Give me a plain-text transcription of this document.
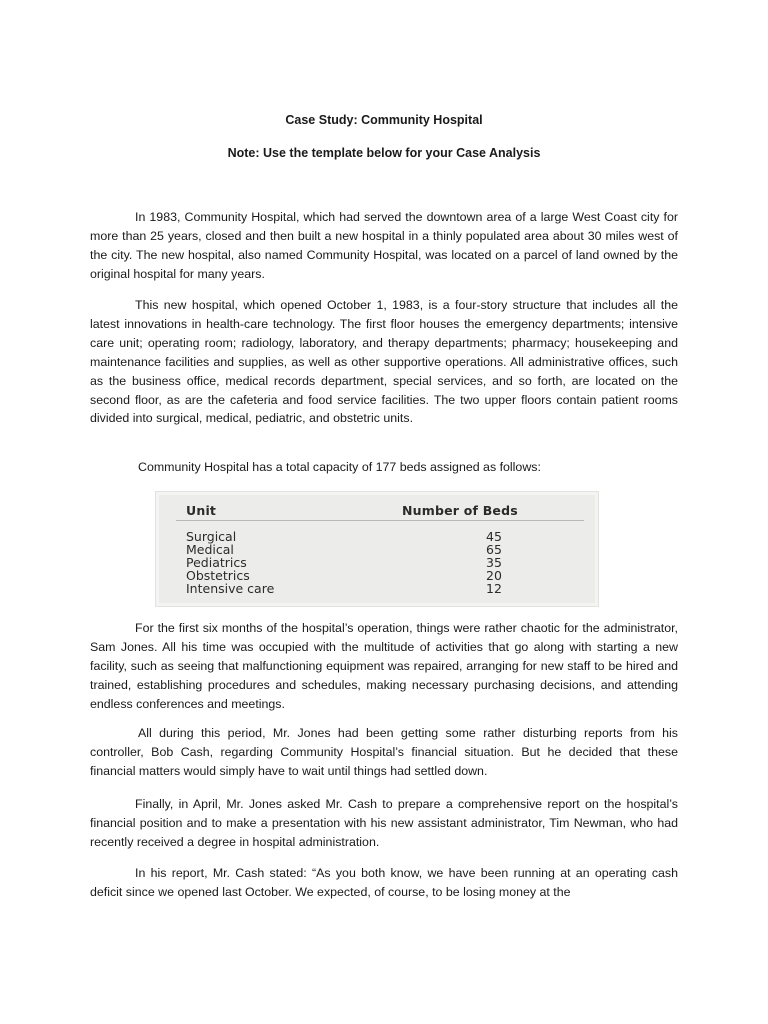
Case Study: Community Hospital
Note: Use the template below for your Case Analysis

In 1983, Community Hospital, which had served the downtown area of a large West Coast city for more than 25 years, closed and then built a new hospital in a thinly populated area about 30 miles west of the city. The new hospital, also named Community Hospital, was located on a parcel of land owned by the original hospital for many years.

This new hospital, which opened October 1, 1983, is a four-story structure that includes all the latest innovations in health-care technology. The first floor houses the emergency departments; intensive care unit; operating room; radiology, laboratory, and therapy departments; pharmacy; housekeeping and maintenance facilities and supplies, as well as other supportive operations. All administrative offices, such as the business office, medical records department, special services, and so forth, are located on the second floor, as are the cafeteria and food service facilities. The two upper floors contain patient rooms divided into surgical, medical, pediatric, and obstetric units.

Community Hospital has a total capacity of 177 beds assigned as follows:

Unit	Number of Beds
Surgical	45
Medical	65
Pediatrics	35
Obstetrics	20
Intensive care	12

For the first six months of the hospital’s operation, things were rather chaotic for the administrator, Sam Jones. All his time was occupied with the multitude of activities that go along with starting a new facility, such as seeing that malfunctioning equipment was repaired, arranging for new staff to be hired and trained, establishing procedures and schedules, making necessary purchasing decisions, and attending endless conferences and meetings.

All during this period, Mr. Jones had been getting some rather disturbing reports from his controller, Bob Cash, regarding Community Hospital’s financial situation. But he decided that these financial matters would simply have to wait until things had settled down.

Finally, in April, Mr. Jones asked Mr. Cash to prepare a comprehensive report on the hospital’s financial position and to make a presentation with his new assistant administrator, Tim Newman, who had recently received a degree in hospital administration.

In his report, Mr. Cash stated: “As you both know, we have been running at an operating cash deficit since we opened last October. We expected, of course, to be losing money at the
